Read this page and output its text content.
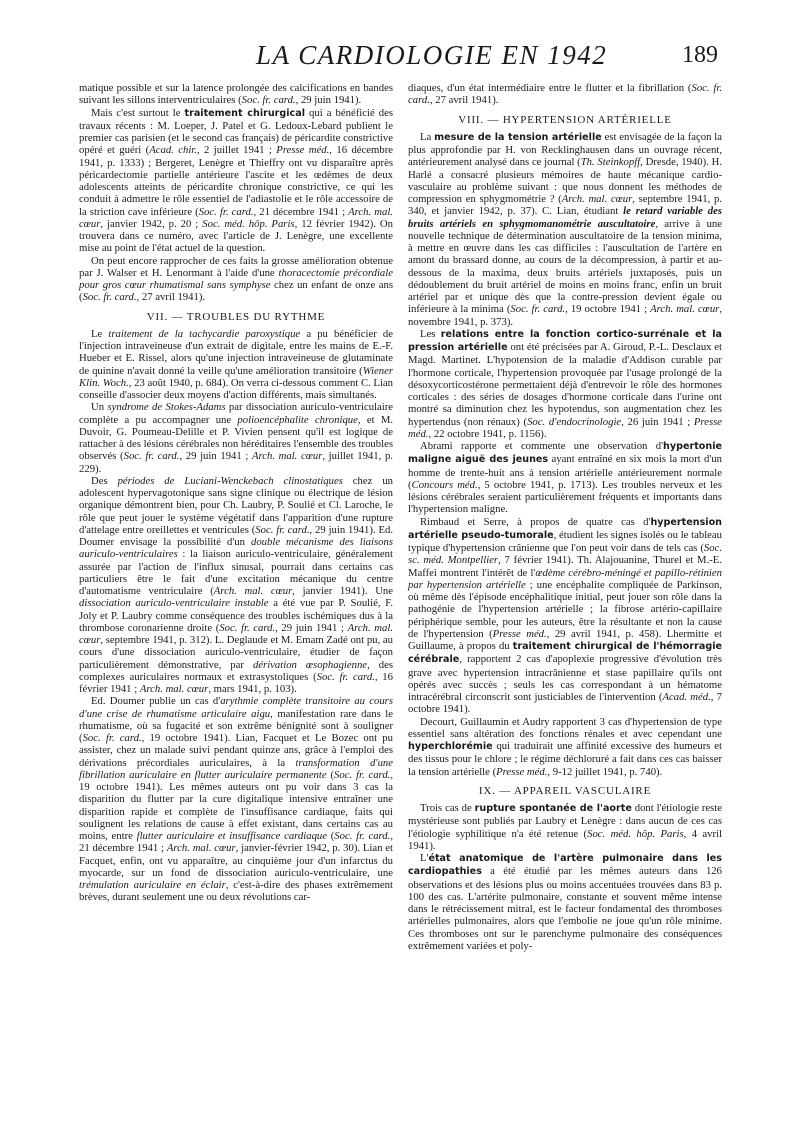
LA CARDIOLOGIE EN 1942	189

matique possible et sur la latence prolongée des calcifications en bandes suivant les sillons interventriculaires (Soc. fr. card., 29 juin 1941).

Mais c'est surtout le traitement chirurgical qui a bénéficié des travaux récents : M. Loeper, J. Patel et G. Ledoux-Lebard publient le premier cas parisien (et le second cas français) de péricardite constrictive opéré et guéri (Acad. chir., 2 juillet 1941 ; Presse méd., 16 décembre 1941, p. 1333) ; Bergeret, Lenègre et Thieffry ont vu disparaître après péricardectomie partielle antérieure l'ascite et les œdèmes de deux adolescents atteints de péricardite chronique constrictive, ce qui les conduit à admettre le rôle essentiel de l'adiastolie et le rôle accessoire de la striction cave inférieure (Soc. fr. card., 21 décembre 1941 ; Arch. mal. cœur, janvier 1942, p. 20 ; Soc. méd. hôp. Paris, 12 février 1942). On trouvera dans ce numéro, avec l'article de J. Lenègre, une excellente mise au point de l'état actuel de la question.

On peut encore rapprocher de ces faits la grosse amélioration obtenue par J. Walser et H. Lenormant à l'aide d'une thoracectomie précordiale pour gros cœur rhumatismal sans symphyse chez un enfant de onze ans (Soc. fr. card., 27 avril 1941).

VII. — TROUBLES DU RYTHME

Le traitement de la tachycardie paroxystique a pu bénéficier de l'injection intraveineuse d'un extrait de digitale, entre les mains de E.-F. Hueber et E. Rissel, alors qu'une injection intraveineuse de glutaminate de quinine n'avait donné la veille qu'une amélioration transitoire (Wiener Klin. Woch., 23 août 1940, p. 684). On verra ci-dessous comment C. Lian conseille d'associer deux moyens d'action différents, mais simultanés.

Un syndrome de Stokes-Adams par dissociation auriculo-ventriculaire complète a pu accompagner une polioencéphalite chronique, et M. Duvoir, G. Poumeau-Delille et P. Vivien pensent qu'il est logique de rattacher à des lésions cérébrales non héréditaires l'ensemble des troubles observés (Soc. fr. card., 29 juin 1941 ; Arch. mal. cœur, juillet 1941, p. 229).

Des périodes de Luciani-Wenckebach clinostatiques chez un adolescent hypervagotonique sans signe clinique ou électrique de lésion organique démontrent bien, pour Ch. Laubry, P. Soulié et Cl. Laroche, le rôle que peut jouer le système végétatif dans l'apparition d'une rupture d'attelage entre oreillettes et ventricules (Soc. fr. card., 29 juin 1941). Ed. Doumer envisage la possibilité d'un double mécanisme des liaisons auriculo-ventriculaires : la liaison auriculo-ventriculaire, généralement assurée par l'action de l'influx sinusal, pourrait dans certains cas particuliers être le fait d'une excitation mécanique du centre d'automatisme ventriculaire (Arch. mal. cœur, janvier 1941). Une dissociation auriculo-ventriculaire instable a été vue par P. Soulié, F. Joly et P. Laubry comme conséquence des troubles ischémiques dus à la thrombose coronarienne droite (Soc. fr. card., 29 juin 1941 ; Arch. mal. cœur, septembre 1941, p. 312). L. Deglaude et M. Emam Zadé ont pu, au cours d'une dissociation auriculo-ventriculaire, étudier de façon particulièrement démonstrative, par dérivation œsophagienne, des complexes auriculaires normaux et extrasystoliques (Soc. fr. card., 16 février 1941 ; Arch. mal. cœur, mars 1941, p. 103).

Ed. Doumer publie un cas d'arythmie complète transitoire au cours d'une crise de rhumatisme articulaire aigu, manifestation rare dans le rhumatisme, où sa fugacité et son extrême bénignité sont à souligner (Soc. fr. card., 19 octobre 1941). Lian, Facquet et Le Bozec ont pu assister, chez un malade suivi pendant quinze ans, grâce à l'emploi des dérivations précordiales auriculaires, à la transformation d'une fibrillation auriculaire en flutter auriculaire permanente (Soc. fr. card., 19 octobre 1941). Les mêmes auteurs ont pu voir dans 3 cas la disparition du flutter par la cure digitalique intensive entraîner une disparition rapide et complète de l'insuffisance cardiaque, faits qui soulignent les relations de cause à effet existant, dans certains cas au moins, entre flutter auriculaire et insuffisance cardiaque (Soc. fr. card., 21 décembre 1941 ; Arch. mal. cœur, janvier-février 1942, p. 30). Lian et Facquet, enfin, ont vu apparaître, au cinquième jour d'un infarctus du myocarde, sur un fond de dissociation auriculo-ventriculaire, une trémulation auriculaire en éclair, c'est-à-dire des phases extrêmement brèves, durant seulement une ou deux révolutions car-

diaques, d'un état intermédiaire entre le flutter et la fibrillation (Soc. fr. card., 27 avril 1941).

VIII. — HYPERTENSION ARTÉRIELLE

La mesure de la tension artérielle est envisagée de la façon la plus approfondie par H. von Recklinghausen dans un ouvrage récent, antérieurement analysé dans ce journal (Th. Steinkopff, Dresde, 1940). H. Harlé a consacré plusieurs mémoires de haute mécanique cardio-vasculaire au problème suivant : que nous donnent les méthodes de compression en sphygmométrie ? (Arch. mal. cœur, septembre 1941, p. 340, et janvier 1942, p. 37). C. Lian, étudiant le retard variable des bruits artériels en sphygmomanométrie auscultatoire, arrive à une nouvelle technique de détermination auscultatoire de la tension minima, à mettre en œuvre dans les cas difficiles : l'auscultation de l'artère en amont du brassard donne, au cours de la décompression, à partir et au-dessous de la maxima, deux bruits artériels juxtaposés, puis un dédoublement du bruit artériel de moins en moins franc, enfin un bruit artériel par et unique dès que la contre-pression devient égale ou inférieure à la minima (Soc. fr. card., 19 octobre 1941 ; Arch. mal. cœur, novembre 1941, p. 373).

Les relations entre la fonction cortico-surrénale et la pression artérielle ont été précisées par A. Giroud, P.-L. Desclaux et Magd. Martinet. L'hypotension de la maladie d'Addison curable par l'hormone corticale, l'hypertension provoquée par l'usage prolongé de la désoxycorticostérone permettaient déjà d'entrevoir le rôle des hormones corticales : des séries de dosages d'hormone corticale dans l'urine ont montré sa diminution chez les hypotendus, son augmentation chez les hypertendus (non rénaux) (Soc. d'endocrinologie, 26 juin 1941 ; Presse méd., 22 octobre 1941, p. 1156).

Abrami rapporte et commente une observation d'hypertonie maligne aiguë des jeunes ayant entraîné en six mois la mort d'un homme de trente-huit ans à tension artérielle antérieurement normale (Concours méd., 5 octobre 1941, p. 1713). Les troubles nerveux et les lésions cérébrales seraient particulièrement fréquents et importants dans l'hypertension maligne.

Rimbaud et Serre, à propos de quatre cas d'hypertension artérielle pseudo-tumorale, étudient les signes isolés ou le tableau typique d'hypertension crânienne que l'on peut voir dans de tels cas (Soc. sc. méd. Montpellier, 7 février 1941). Th. Alajouanine, Thurel et M.-E. Maffei montrent l'intérêt de l'œdème cérébro-méningé et papillo-rétinien par hypertension artérielle ; une encéphalite compliquée de Parkinson, où même dès l'épisode encéphalitique initial, peut jouer son rôle dans la pathogénie de l'hypertension artérielle ; la fibrose artério-capillaire périphérique semble, pour les auteurs, être la résultante et non la cause de l'hypertension (Presse méd., 29 avril 1941, p. 458). Lhermitte et Guillaume, à propos du traitement chirurgical de l'hémorragie cérébrale, rapportent 2 cas d'apoplexie progressive d'évolution très grave avec hypertension intracrânienne et stase papillaire qu'ils ont opérés avec succès ; seuls les cas correspondant à un hématome intracérébral circonscrit sont justiciables de l'intervention (Acad. méd., 7 octobre 1941).

Decourt, Guillaumin et Audry rapportent 3 cas d'hypertension de type essentiel sans altération des fonctions rénales et avec cependant une hyperchlorémie qui traduirait une affinité excessive des humeurs et des tissus pour le chlore ; le régime déchloruré a fait dans ces cas baisser la tension artérielle (Presse méd., 9-12 juillet 1941, p. 740).

IX. — APPAREIL VASCULAIRE

Trois cas de rupture spontanée de l'aorte dont l'étiologie reste mystérieuse sont publiés par Laubry et Lenègre : dans aucun de ces cas l'étiologie syphilitique n'a été retenue (Soc. méd. hôp. Paris, 4 avril 1941).

L'état anatomique de l'artère pulmonaire dans les cardiopathies a été étudié par les mêmes auteurs dans 126 observations et des lésions plus ou moins accentuées trouvées dans 83 p. 100 des cas. L'artérite pulmonaire, constante et souvent même intense dans le rétrécissement mitral, est le facteur fondamental des thromboses artérielles pulmonaires, alors que l'embolie ne joue qu'un rôle minime. Ces thromboses ont sur le parenchyme pulmonaire des conséquences extrêmement variées et poly-
